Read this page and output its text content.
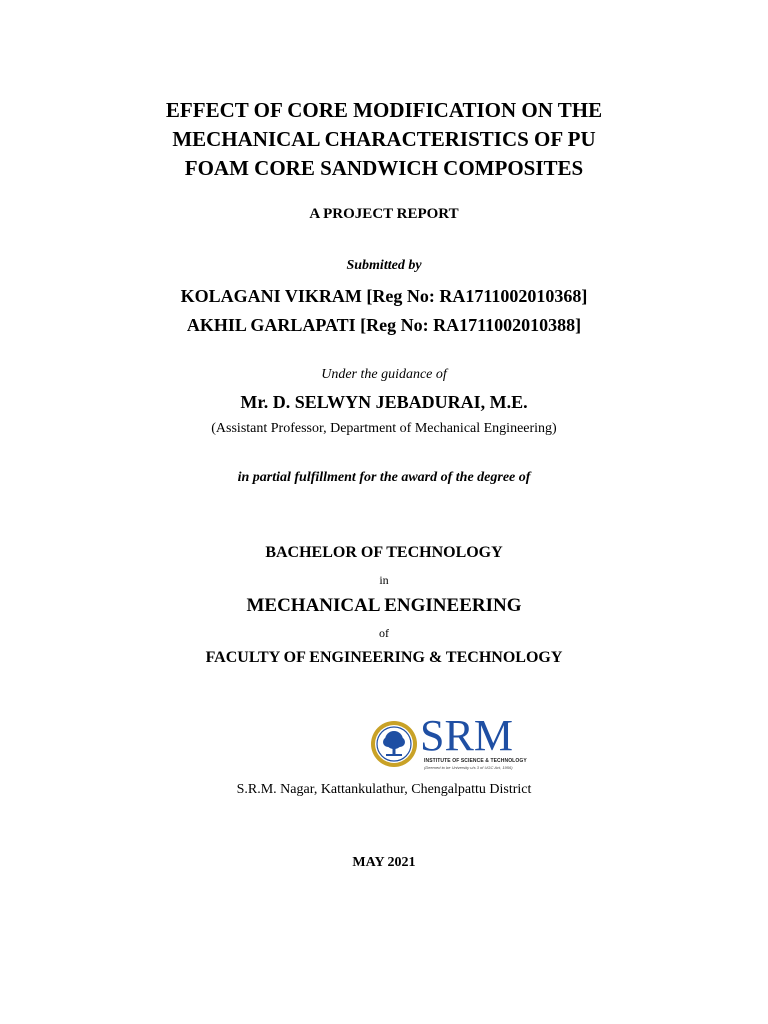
EFFECT OF CORE MODIFICATION ON THE
MECHANICAL CHARACTERISTICS OF PU
FOAM CORE SANDWICH COMPOSITES
A PROJECT REPORT
Submitted by
KOLAGANI VIKRAM [Reg No: RA1711002010368]
AKHIL GARLAPATI [Reg No: RA1711002010388]
Under the guidance of
Mr. D. SELWYN JEBADURAI, M.E.
(Assistant Professor, Department of Mechanical Engineering)
in partial fulfillment for the award of the degree of
BACHELOR OF TECHNOLOGY
in
MECHANICAL ENGINEERING
of
FACULTY OF ENGINEERING & TECHNOLOGY
SRM
INSTITUTE OF SCIENCE & TECHNOLOGY
(Deemed to be University u/s 3 of UGC Act, 1956)
S.R.M. Nagar, Kattankulathur, Chengalpattu District
MAY 2021
